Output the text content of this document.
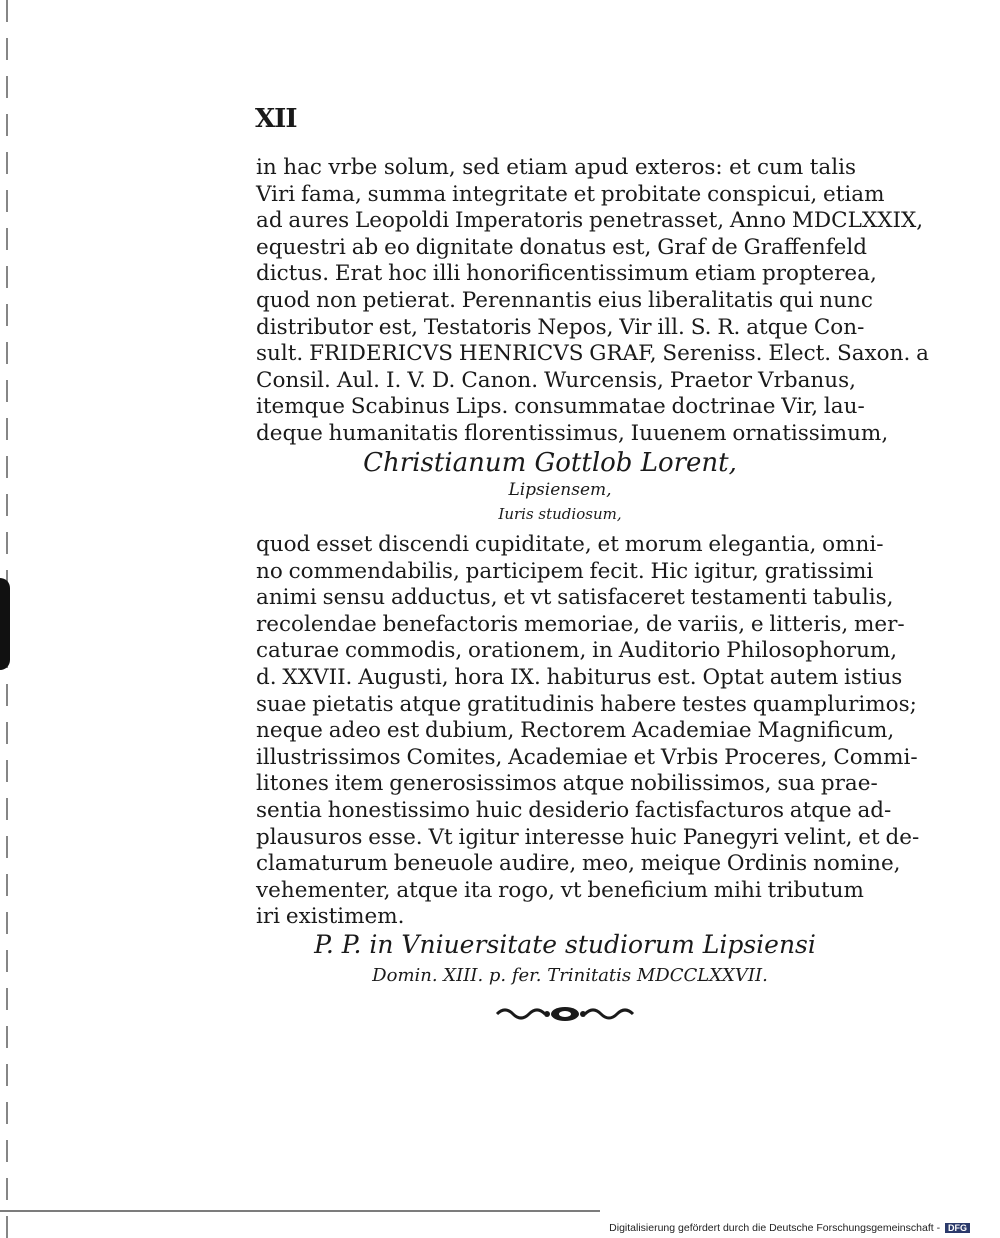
XII
in hac vrbe solum, sed etiam apud exteros: et cum talis
Viri fama, summa integritate et probitate conspicui, etiam
ad aures Leopoldi Imperatoris penetrasset, Anno MDCLXXIX,
equestri ab eo dignitate donatus est, Graf de Graffenfeld
dictus. Erat hoc illi honorificentissimum etiam propterea,
quod non petierat. Perennantis eius liberalitatis qui nunc
distributor est, Testatoris Nepos, Vir ill. S. R. atque Con-
sult. FRIDERICVS HENRICVS GRAF, Sereniss. Elect. Saxon. a
Consil. Aul. I. V. D. Canon. Wurcensis, Praetor Vrbanus,
itemque Scabinus Lips. consummatae doctrinae Vir, lau-
deque humanitatis florentissimus, Iuuenem ornatissimum,
Christianum Gottlob Lorent,
Lipsiensem,
Iuris studiosum,
quod esset discendi cupiditate, et morum elegantia, omni-
no commendabilis, participem fecit. Hic igitur, gratissimi
animi sensu adductus, et vt satisfaceret testamenti tabulis,
recolendae benefactoris memoriae, de variis, e litteris, mer-
caturae commodis, orationem, in Auditorio Philosophorum,
d. XXVII. Augusti, hora IX. habiturus est. Optat autem istius
suae pietatis atque gratitudinis habere testes quamplurimos;
neque adeo est dubium, Rectorem Academiae Magnificum,
illustrissimos Comites, Academiae et Vrbis Proceres, Commi-
litones item generosissimos atque nobilissimos, sua prae-
sentia honestissimo huic desiderio factisfacturos atque ad-
plausuros esse. Vt igitur interesse huic Panegyri velint, et de-
clamaturum beneuole audire, meo, meique Ordinis nomine,
vehementer, atque ita rogo, vt beneficium mihi tributum
iri existimem.
P. P. in Vniuersitate studiorum Lipsiensi
Domin. XIII. p. fer. Trinitatis MDCCLXXVII.
Digitalisierung gefördert durch die Deutsche Forschungsgemeinschaft - DFG
